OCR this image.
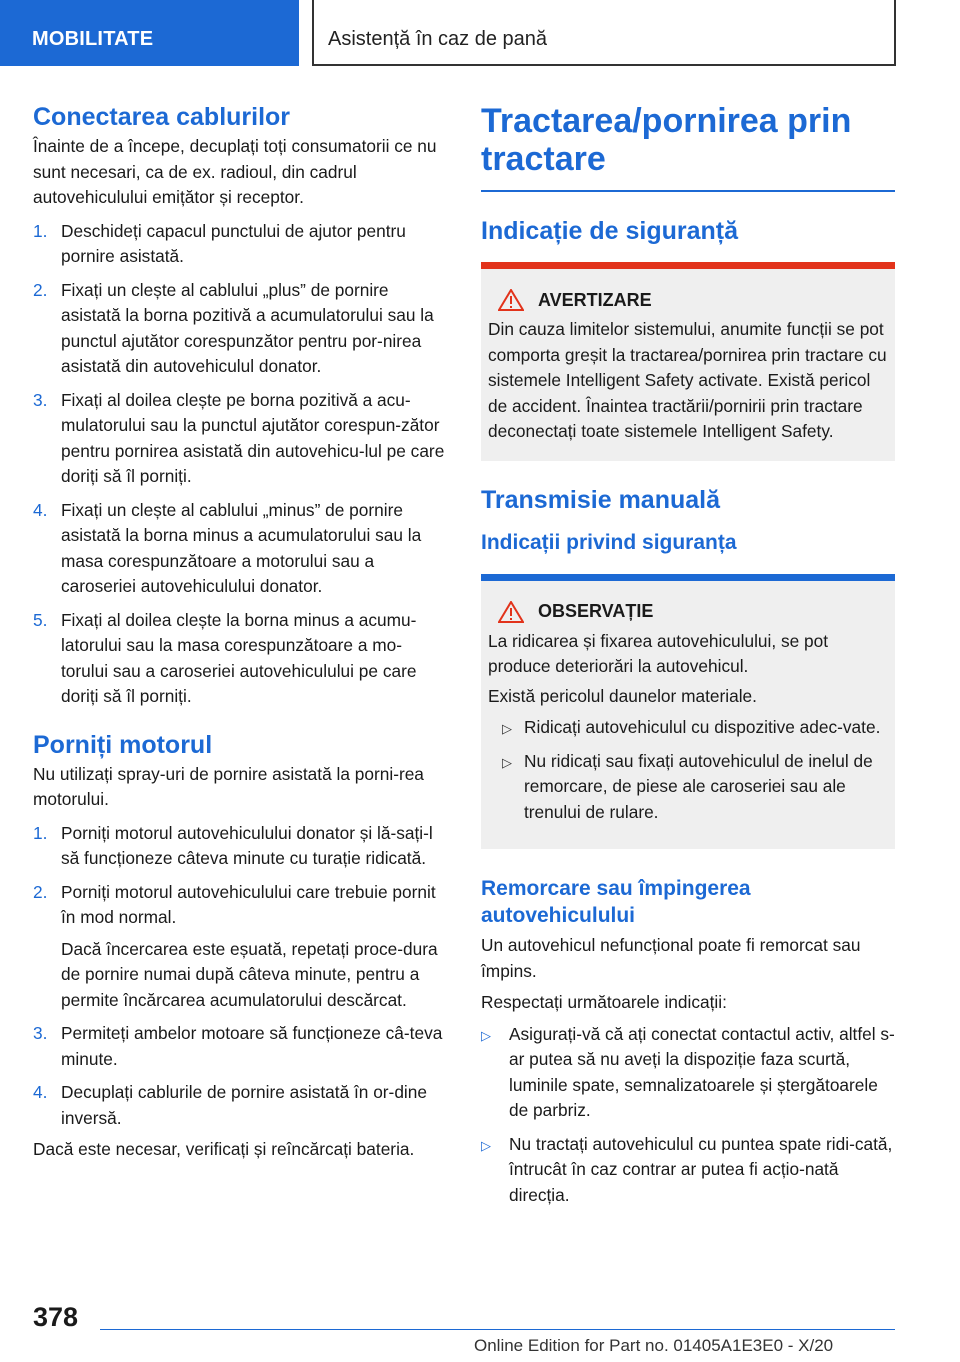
MOBILITATE	Asistență în caz de pană
Conectarea cablurilor
Înainte de a începe, decuplați toți consumatorii ce nu sunt necesari, ca de ex. radioul, din cadrul autovehiculului emițător și receptor.
1. Deschideți capacul punctului de ajutor pentru pornire asistată.
2. Fixați un clește al cablului „plus” de pornire asistată la borna pozitivă a acumulatorului sau la punctul ajutător corespunzător pentru por‐nirea asistată din autovehiculul donator.
3. Fixați al doilea clește pe borna pozitivă a acu‐mulatorului sau la punctul ajutător corespun‐zător pentru pornirea asistată din autovehicu‐lul pe care doriți să îl porniți.
4. Fixați un clește al cablului „minus” de pornire asistată la borna minus a acumulatorului sau la masa corespunzătoare a motorului sau a caroseriei autovehiculului donator.
5. Fixați al doilea clește la borna minus a acumu‐latorului sau la masa corespunzătoare a mo‐torului sau a caroseriei autovehiculului pe care doriți să îl porniți.
Porniți motorul
Nu utilizați spray-uri de pornire asistată la porni‐rea motorului.
1. Porniți motorul autovehiculului donator și lă‐sați-l să funcționeze câteva minute cu turație ridicată.
2. Porniți motorul autovehiculului care trebuie pornit în mod normal.
Dacă încercarea este eșuată, repetați proce‐dura de pornire numai după câteva minute, pentru a permite încărcarea acumulatorului descărcat.
3. Permiteți ambelor motoare să funcționeze câ‐teva minute.
4. Decuplați cablurile de pornire asistată în or‐dine inversă.
Dacă este necesar, verificați și reîncărcați bateria.
Tractarea/pornirea prin tractare
Indicație de siguranță
AVERTIZARE
Din cauza limitelor sistemului, anumite funcții se pot comporta greșit la tractarea/pornirea prin tractare cu sistemele Intelligent Safety activate. Există pericol de accident. Înaintea tractării/pornirii prin tractare deconectați toate sistemele Intelligent Safety.
Transmisie manuală
Indicații privind siguranța
OBSERVAȚIE
La ridicarea și fixarea autovehiculului, se pot produce deteriorări la autovehicul.
Există pericolul daunelor materiale.
▷ Ridicați autovehiculul cu dispozitive adec‐vate.
▷ Nu ridicați sau fixați autovehiculul de inelul de remorcare, de piese ale caroseriei sau ale trenului de rulare.
Remorcare sau împingerea autovehiculului
Un autovehicul nefuncțional poate fi remorcat sau împins.
Respectați următoarele indicații:
▷ Asigurați-vă că ați conectat contactul activ, altfel s-ar putea să nu aveți la dispoziție faza scurtă, luminile spate, semnalizatoarele și ștergătoarele de parbriz.
▷ Nu tractați autovehiculul cu puntea spate ridi‐cată, întrucât în caz contrar ar putea fi acțio‐nată direcția.
378
Online Edition for Part no. 01405A1E3E0 - X/20
